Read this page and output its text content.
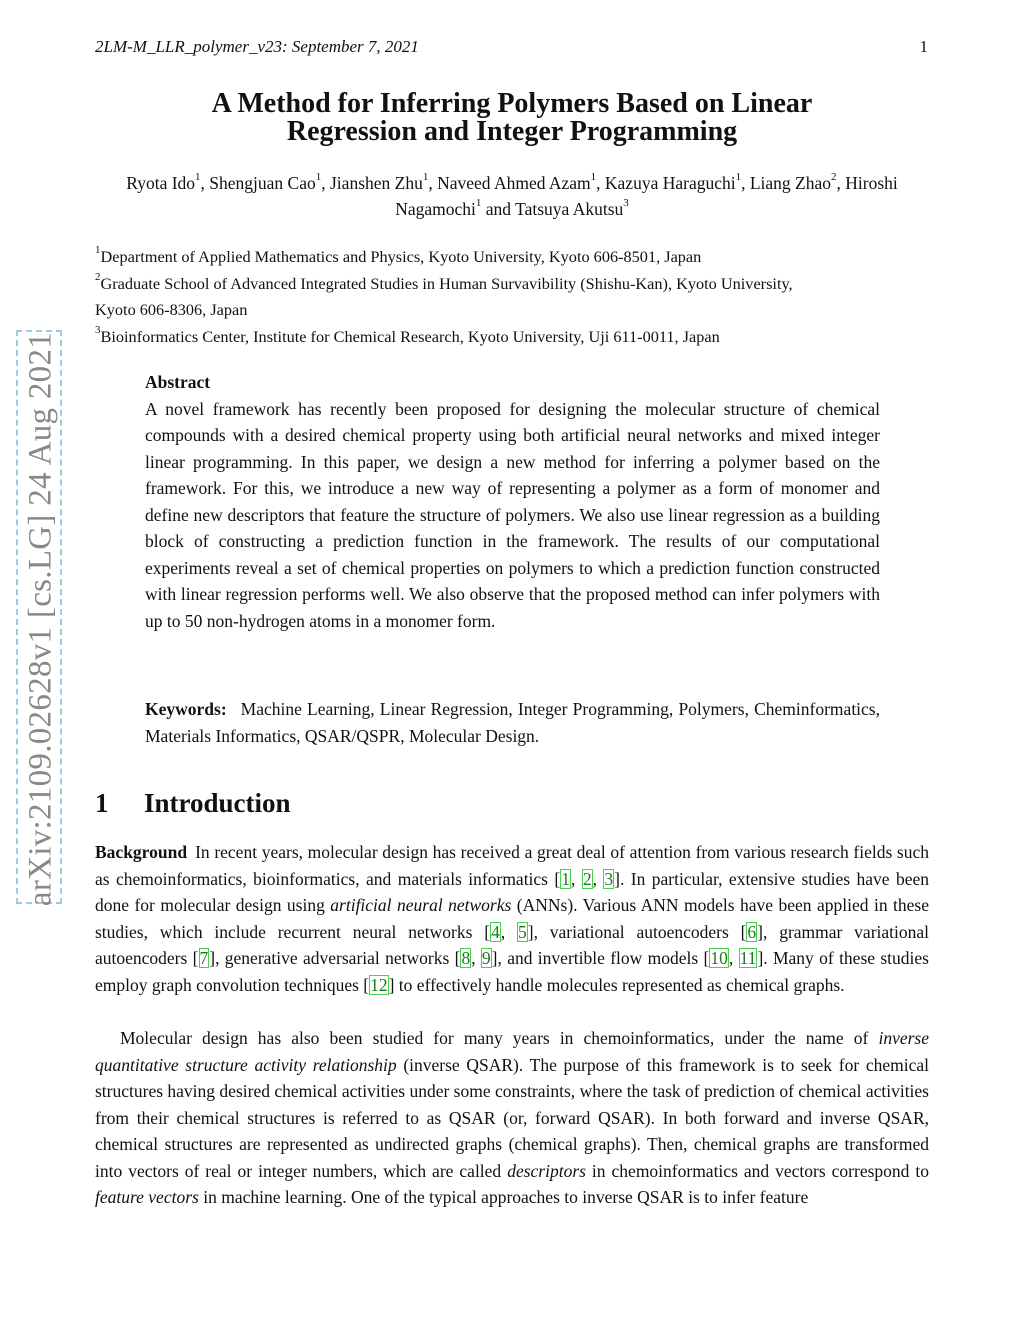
2LM-M_LLR_polymer_v23: September 7, 2021	1
arXiv:2109.02628v1 [cs.LG] 24 Aug 2021
A Method for Inferring Polymers Based on Linear
Regression and Integer Programming
Ryota Ido$^1$, Shengjuan Cao$^1$, Jianshen Zhu$^1$, Naveed Ahmed Azam$^1$, Kazuya Haraguchi$^1$, Liang Zhao$^2$, Hiroshi Nagamochi$^1$ and Tatsuya Akutsu$^3$
$^1$Department of Applied Mathematics and Physics, Kyoto University, Kyoto 606-8501, Japan
$^2$Graduate School of Advanced Integrated Studies in Human Survavibility (Shishu-Kan), Kyoto University,
Kyoto 606-8306, Japan
$^3$Bioinformatics Center, Institute for Chemical Research, Kyoto University, Uji 611-0011, Japan
Abstract
A novel framework has recently been proposed for designing the molecular structure of chemical compounds with a desired chemical property using both artificial neural networks and mixed integer linear programming. In this paper, we design a new method for inferring a polymer based on the framework. For this, we introduce a new way of representing a polymer as a form of monomer and define new descriptors that feature the structure of polymers. We also use linear regression as a building block of constructing a prediction function in the framework. The results of our computational experiments reveal a set of chemical properties on polymers to which a prediction function constructed with linear regression performs well. We also observe that the proposed method can infer polymers with up to 50 non-hydrogen atoms in a monomer form.
Keywords: Machine Learning, Linear Regression, Integer Programming, Polymers, Cheminformatics, Materials Informatics, QSAR/QSPR, Molecular Design.
1 Introduction
Background In recent years, molecular design has received a great deal of attention from various research fields such as chemoinformatics, bioinformatics, and materials informatics [1, 2, 3]. In particular, extensive studies have been done for molecular design using artificial neural networks (ANNs). Various ANN models have been applied in these studies, which include recurrent neural networks [4, 5], variational autoencoders [6], grammar variational autoencoders [7], generative adversarial networks [8, 9], and invertible flow models [10, 11]. Many of these studies employ graph convolution techniques [12] to effectively handle molecules represented as chemical graphs.
Molecular design has also been studied for many years in chemoinformatics, under the name of inverse quantitative structure activity relationship (inverse QSAR). The purpose of this framework is to seek for chemical structures having desired chemical activities under some constraints, where the task of prediction of chemical activities from their chemical structures is referred to as QSAR (or, forward QSAR). In both forward and inverse QSAR, chemical structures are represented as undirected graphs (chemical graphs). Then, chemical graphs are transformed into vectors of real or integer numbers, which are called descriptors in chemoinformatics and vectors correspond to feature vectors in machine learning. One of the typical approaches to inverse QSAR is to infer feature
